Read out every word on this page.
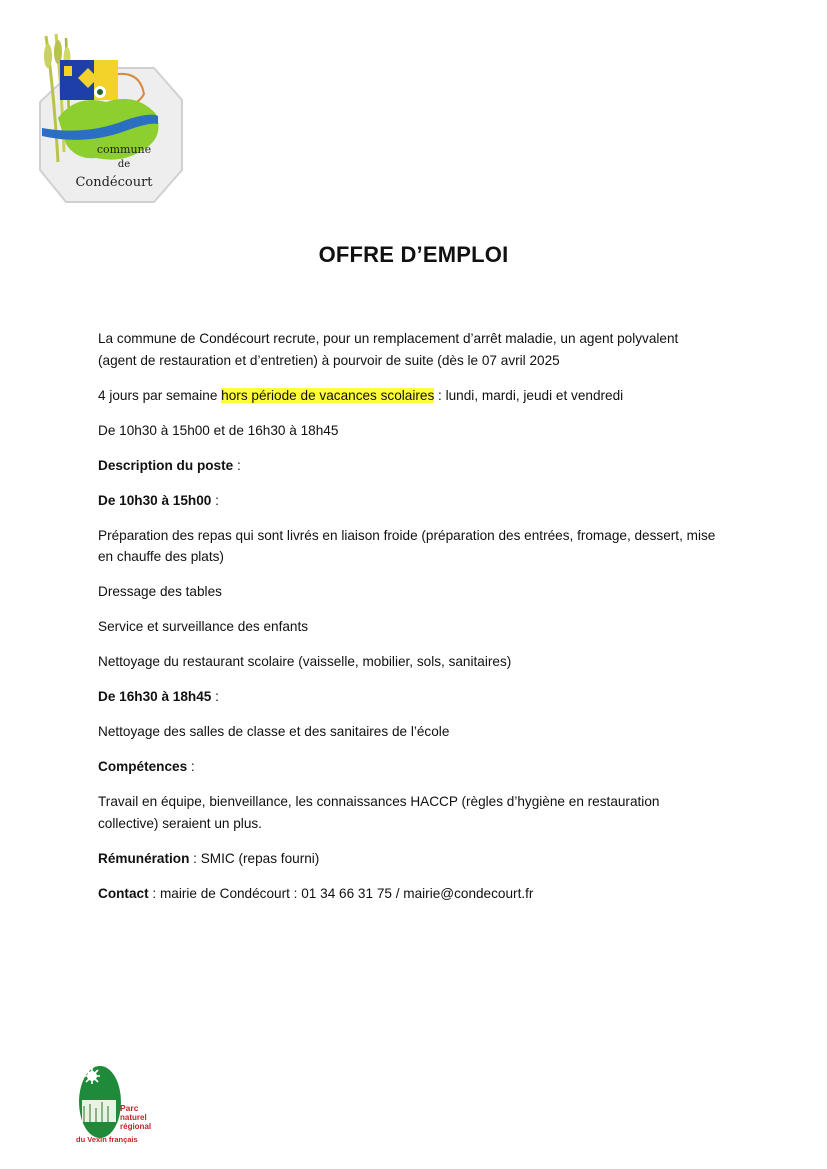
commune
de
Condécourt
OFFRE D’EMPLOI

La commune de Condécourt recrute, pour un remplacement d’arrêt maladie, un agent polyvalent (agent de restauration et d’entretien) à pourvoir de suite (dès le 07 avril 2025

4 jours par semaine hors période de vacances scolaires : lundi, mardi, jeudi et vendredi

De 10h30 à 15h00 et de 16h30 à 18h45

Description du poste :

De 10h30 à 15h00 :

Préparation des repas qui sont livrés en liaison froide (préparation des entrées, fromage, dessert, mise en chauffe des plats)

Dressage des tables

Service et surveillance des enfants

Nettoyage du restaurant scolaire (vaisselle, mobilier, sols, sanitaires)

De 16h30 à 18h45 :

Nettoyage des salles de classe et des sanitaires de l’école

Compétences :

Travail en équipe, bienveillance, les connaissances HACCP (règles d’hygiène en restauration collective) seraient un plus.

Rémunération : SMIC (repas fourni)

Contact : mairie de Condécourt : 01 34 66 31 75 / mairie@condecourt.fr

Parc
naturel
régional
du Vexin français
